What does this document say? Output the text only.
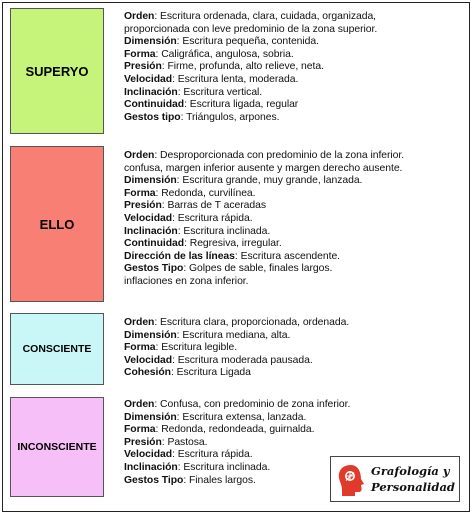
SUPERYO
Orden: Escritura ordenada, clara, cuidada, organizada,
proporcionada con leve predominio de la zona superior.
Dimensión: Escritura pequeña, contenida.
Forma: Caligráfica, angulosa, sobria.
Presión: Firme, profunda, alto relieve, neta.
Velocidad: Escritura lenta, moderada.
Inclinación: Escritura vertical.
Continuidad: Escritura ligada, regular
Gestos tipo: Triángulos, arpones.
ELLO
Orden: Desproporcionada con predominio de la zona inferior.
confusa, margen inferior ausente y margen derecho ausente.
Dimensión: Escritura grande, muy grande, lanzada.
Forma: Redonda, curvilínea.
Presión: Barras de T aceradas
Velocidad: Escritura rápida.
Inclinación: Escritura inclinada.
Continuidad: Regresiva, irregular.
Dirección de las líneas: Escritura ascendente.
Gestos Tipo: Golpes de sable, finales largos.
inflaciones en zona inferior.
CONSCIENTE
Orden: Escritura clara, proporcionada, ordenada.
Dimensión: Escritura mediana, alta.
Forma: Escritura legible.
Velocidad: Escritura moderada pausada.
Cohesión: Escritura Ligada
INCONSCIENTE
Orden: Confusa, con predominio de zona inferior.
Dimensión: Escritura extensa, lanzada.
Forma: Redonda, redondeada, guirnalda.
Presión: Pastosa.
Velocidad: Escritura rápida.
Inclinación: Escritura inclinada.
Gestos Tipo: Finales largos.
Grafología y
Personalidad
